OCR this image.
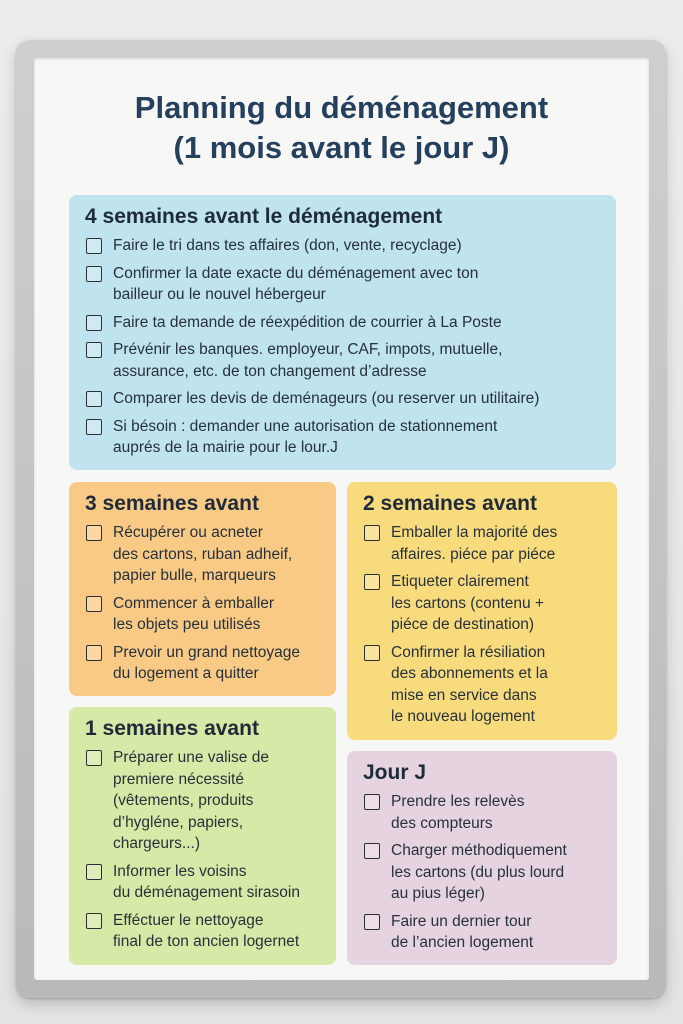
Planning du déménagement
(1 mois avant le jour J)
4 semaines avant le déménagement
Faire le tri dans tes affaires (don, vente, recyclage)
Confirmer la date exacte du déménagement avec ton
bailleur ou le nouvel hébergeur
Faire ta demande de réexpédition de courrier à La Poste
Prévénir les banques. employeur, CAF, impots, mutuelle,
assurance, etc. de ton changement d’adresse
Comparer les devis de deménageurs (ou reserver un utilitaire)
Si bésoin : demander une autorisation de stationnement
auprés de la mairie pour le lour.J
3 semaines avant
Récupérer ou acneter
des cartons, ruban adheif,
papier bulle, marqueurs
Commencer à emballer
les objets peu utilisés
Prevoir un grand nettoyage
du logement a quitter
2 semaines avant
Emballer la majorité des
affaires. piéce par piéce
Etiqueter clairement
les cartons (contenu +
piéce de destination)
Confirmer la résiliation
des abonnements et la
mise en service dans
le nouveau logement
1 semaines avant
Préparer une valise de
premiere nécessité
(vêtements, produits
d’hygléne, papiers,
chargeurs...)
Informer les voisins
du déménagement sirasoin
Efféctuer le nettoyage
final de ton ancien logernet
Jour J
Prendre les relevès
des compteurs
Charger méthodiquement
les cartons (du plus lourd
au pius léger)
Faire un dernier tour
de l’ancien logement
